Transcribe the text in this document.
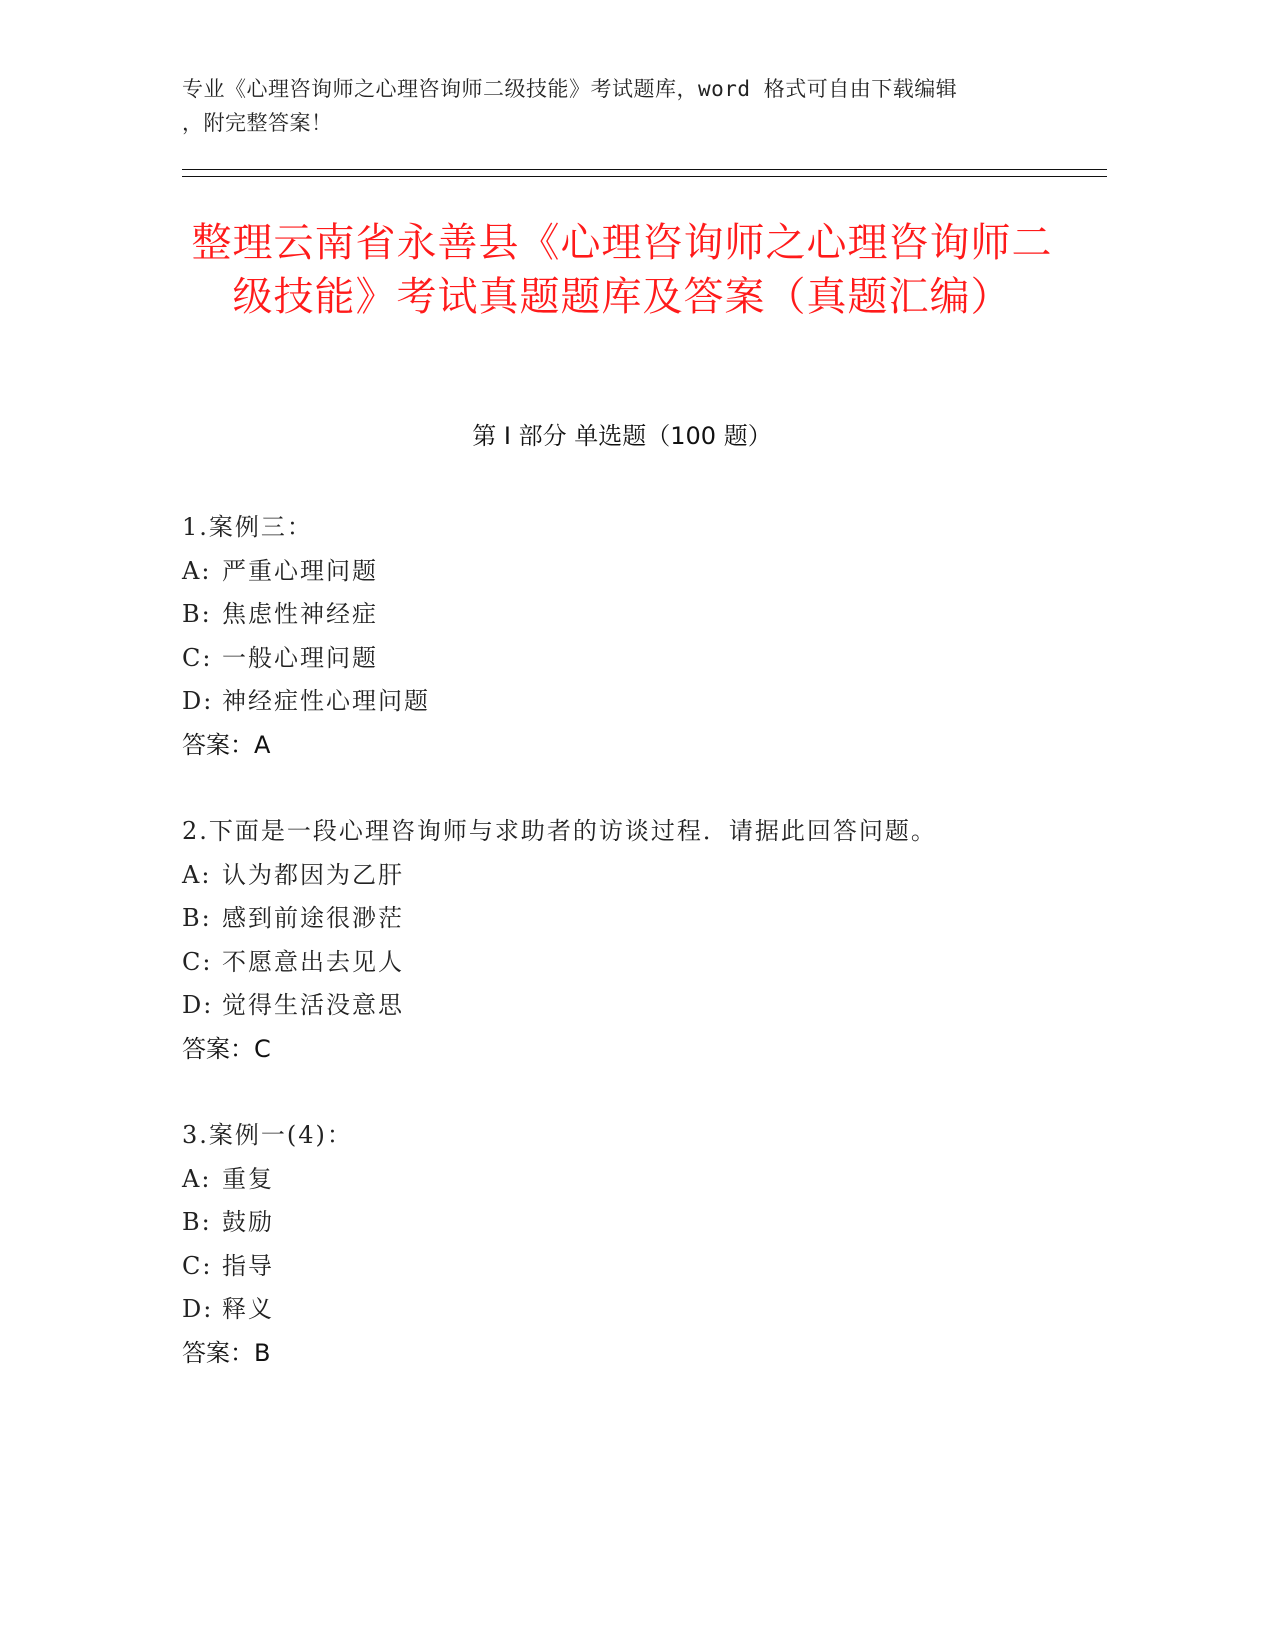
专业《心理咨询师之心理咨询师二级技能》考试题库，word 格式可自由下载编辑
，附完整答案！
整理云南省永善县《心理咨询师之心理咨询师二级技能》考试真题题库及答案（真题汇编）
第 I 部分 单选题（100 题）
1.案例三：
A: 严重心理问题
B: 焦虑性神经症
C: 一般心理问题
D: 神经症性心理问题
答案：A
2.下面是一段心理咨询师与求助者的访谈过程．请据此回答问题。
A: 认为都因为乙肝
B: 感到前途很渺茫
C: 不愿意出去见人
D: 觉得生活没意思
答案：C
3.案例一(4)：
A: 重复
B: 鼓励
C: 指导
D: 释义
答案：B
